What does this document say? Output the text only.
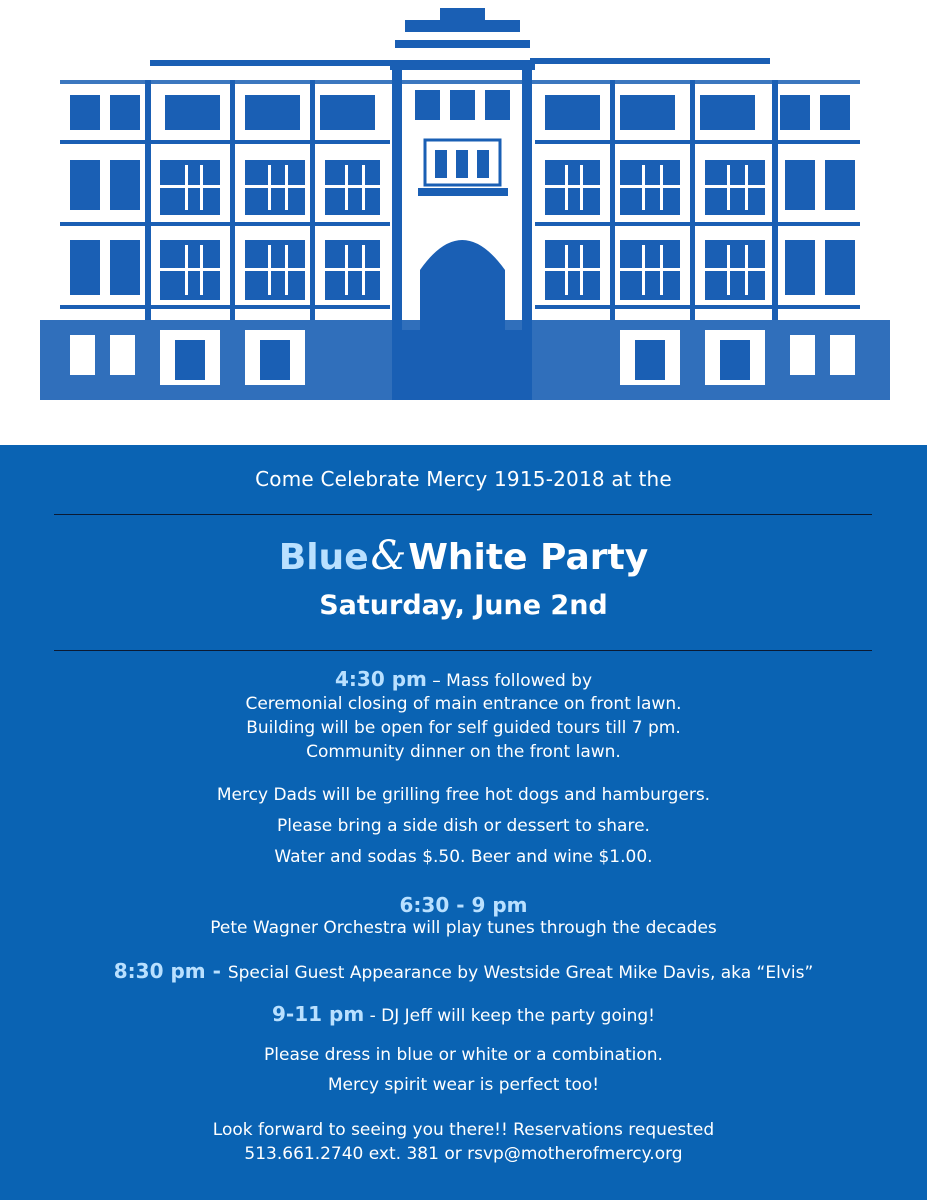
Come Celebrate Mercy 1915-2018 at the
Blue&White Party
Saturday, June 2nd
4:30 pm – Mass followed by
Ceremonial closing of main entrance on front lawn.
Building will be open for self guided tours till 7 pm.
Community dinner on the front lawn.
Mercy Dads will be grilling free hot dogs and hamburgers.
Please bring a side dish or dessert to share.
Water and sodas $.50. Beer and wine $1.00.
6:30 - 9 pm
Pete Wagner Orchestra will play tunes through the decades
8:30 pm - Special Guest Appearance by Westside Great Mike Davis, aka “Elvis”
9-11 pm - DJ Jeff will keep the party going!
Please dress in blue or white or a combination.
Mercy spirit wear is perfect too!
Look forward to seeing you there!! Reservations requested
513.661.2740 ext. 381 or rsvp@motherofmercy.org
